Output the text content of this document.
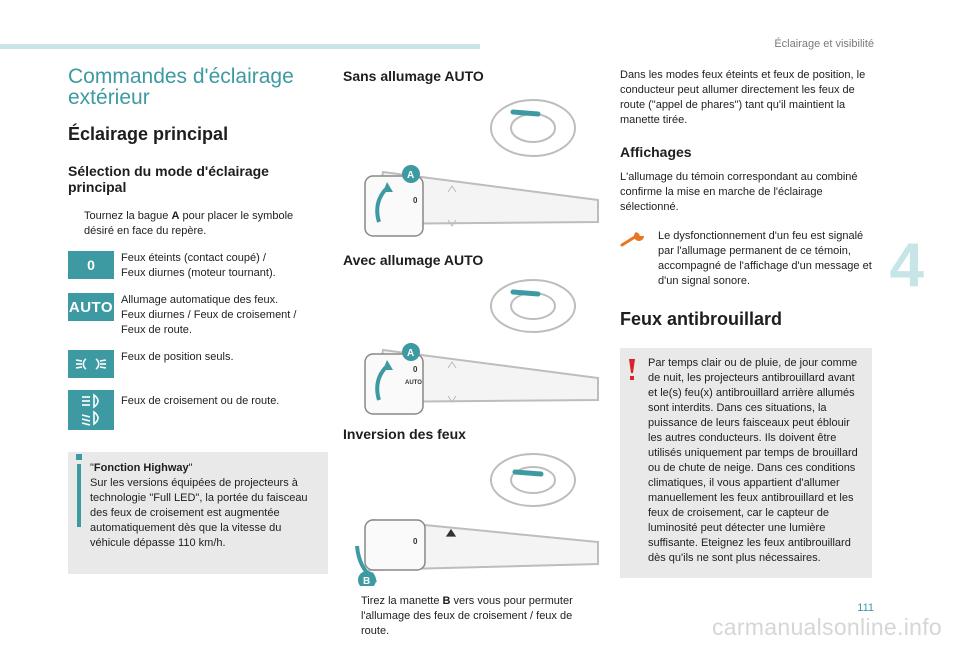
Éclairage et visibilité
4
Commandes d'éclairage
extérieur
Éclairage principal
Sélection du mode d'éclairage
principal
Tournez la bague A pour placer le symbole désiré en face du repère.
0	Feux éteints (contact coupé) /
Feux diurnes (moteur tournant).
AUTO Allumage automatique des feux.
Feux diurnes / Feux de croisement /
Feux de route.
Feux de position seuls.
Feux de croisement ou de route.
"Fonction Highway"
Sur les versions équipées de projecteurs à technologie "Full LED", la portée du faisceau des feux de croisement est augmentée automatiquement dès que la vitesse du véhicule dépasse 110 km/h.
Sans allumage AUTO
0
A
Avec allumage AUTO
0
AUTO
A
Inversion des feux
0
B
Tirez la manette B vers vous pour permuter l'allumage des feux de croisement / feux de route.
Dans les modes feux éteints et feux de position, le conducteur peut allumer directement les feux de route ("appel de phares") tant qu'il maintient la manette tirée.
Affichages
L'allumage du témoin correspondant au combiné confirme la mise en marche de l'éclairage sélectionné.
Le dysfonctionnement d'un feu est signalé par l'allumage permanent de ce témoin, accompagné de l'affichage d'un message et d'un signal sonore.
Feux antibrouillard
Par temps clair ou de pluie, de jour comme de nuit, les projecteurs antibrouillard avant et le(s) feu(x) antibrouillard arrière allumés sont interdits. Dans ces situations, la puissance de leurs faisceaux peut éblouir les autres conducteurs. Ils doivent être utilisés uniquement par temps de brouillard ou de chute de neige. Dans ces conditions climatiques, il vous appartient d'allumer manuellement les feux antibrouillard et les feux de croisement, car le capteur de luminosité peut détecter une lumière suffisante. Eteignez les feux antibrouillard dès qu'ils ne sont plus nécessaires.
111
carmanualsonline.info
